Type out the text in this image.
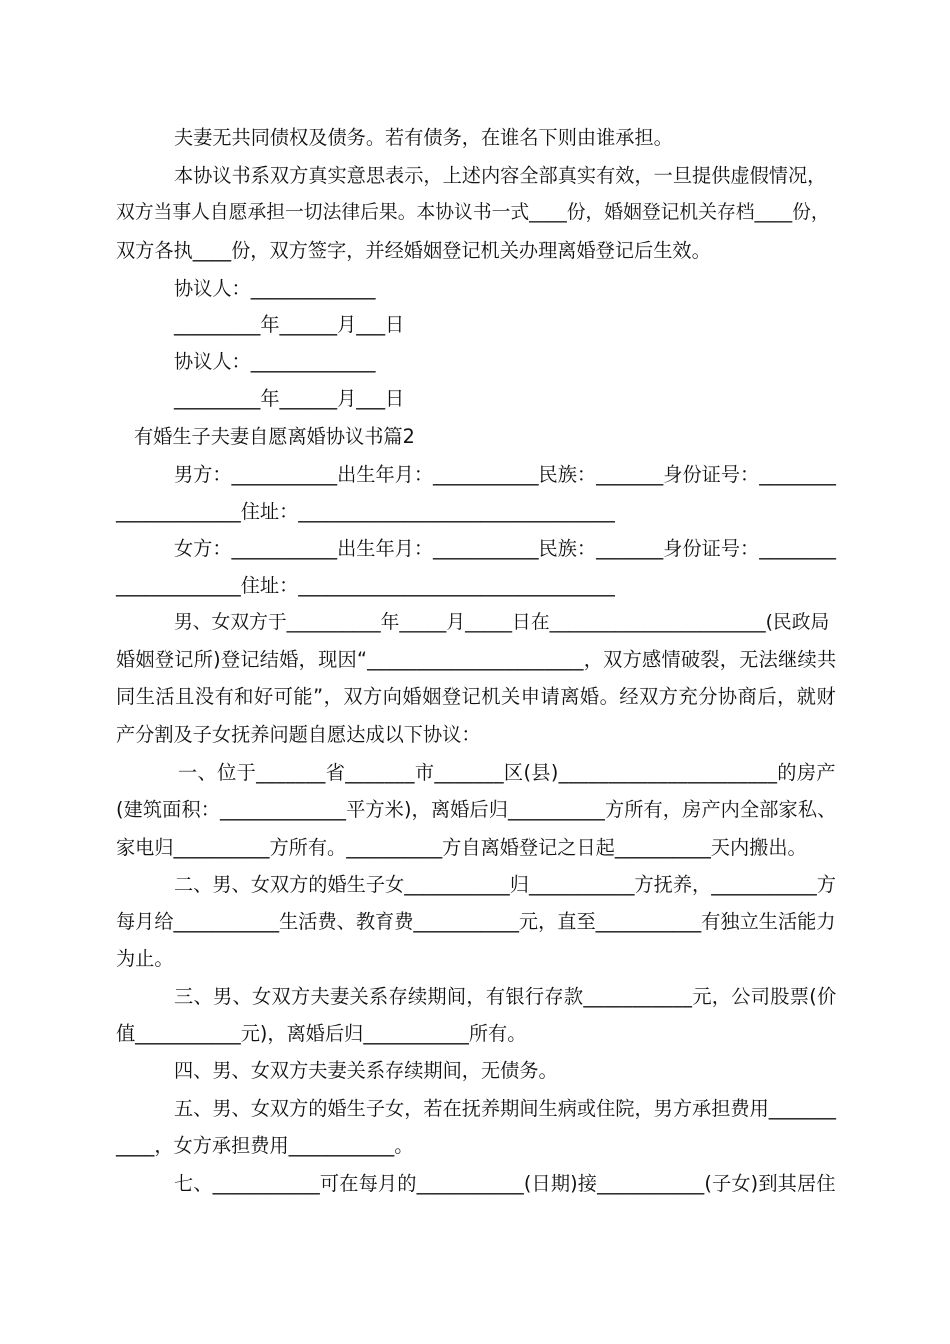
夫妻无共同债权及债务。若有债务，在谁名下则由谁承担。
本协议书系双方真实意思表示，上述内容全部真实有效，一旦提供虚假情况，
双方当事人自愿承担一切法律后果。本协议书一式____份，婚姻登记机关存档____份，
双方各执____份，双方签字，并经婚姻登记机关办理离婚登记后生效。
协议人：_____________
_________年______月___日
协议人：_____________
_________年______月___日
有婚生子夫妻自愿离婚协议书篇2
男方：___________出生年月：___________民族：_______身份证号：________
_____________住址：_________________________________
女方：___________出生年月：___________民族：_______身份证号：________
_____________住址：_________________________________
男、女双方于__________年_____月_____日在_______________________(民政局
婚姻登记所)登记结婚，现因“______________________，双方感情破裂，无法继续共
同生活且没有和好可能”，双方向婚姻登记机关申请离婚。经双方充分协商后，就财
产分割及子女抚养问题自愿达成以下协议：
一、位于_______省_______市_______区(县)______________________的房产
(建筑面积：_____________平方米)，离婚后归__________方所有，房产内全部家私、
家电归__________方所有。__________方自离婚登记之日起__________天内搬出。
二、男、女双方的婚生子女___________归___________方抚养，___________方
每月给___________生活费、教育费___________元，直至___________有独立生活能力
为止。
三、男、女双方夫妻关系存续期间，有银行存款___________元，公司股票(价
值___________元)，离婚后归___________所有。
四、男、女双方夫妻关系存续期间，无债务。
五、男、女双方的婚生子女，若在抚养期间生病或住院，男方承担费用_______
____，女方承担费用___________。
七、___________可在每月的___________(日期)接___________(子女)到其居住
